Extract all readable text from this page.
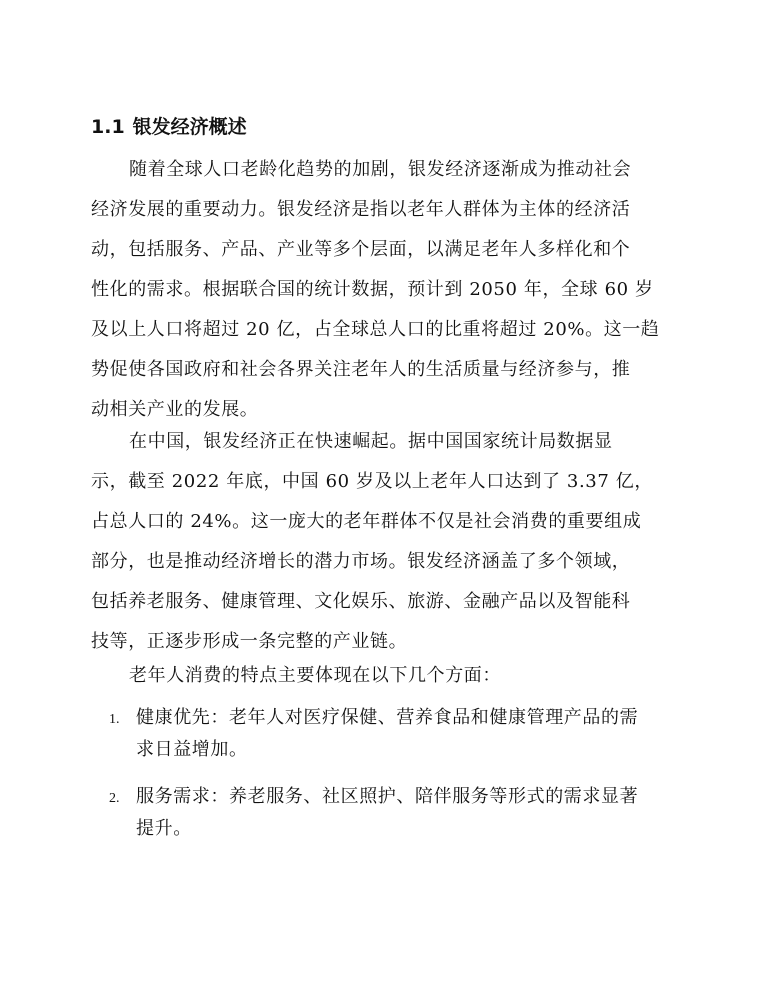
1.1 银发经济概述
随着全球人口老龄化趋势的加剧，银发经济逐渐成为推动社会
经济发展的重要动力。银发经济是指以老年人群体为主体的经济活
动，包括服务、产品、产业等多个层面，以满足老年人多样化和个
性化的需求。根据联合国的统计数据，预计到 2050 年，全球 60 岁
及以上人口将超过 20 亿，占全球总人口的比重将超过 20%。这一趋
势促使各国政府和社会各界关注老年人的生活质量与经济参与，推
动相关产业的发展。
在中国，银发经济正在快速崛起。据中国国家统计局数据显
示，截至 2022 年底，中国 60 岁及以上老年人口达到了 3.37 亿，
占总人口的 24%。这一庞大的老年群体不仅是社会消费的重要组成
部分，也是推动经济增长的潜力市场。银发经济涵盖了多个领域，
包括养老服务、健康管理、文化娱乐、旅游、金融产品以及智能科
技等，正逐步形成一条完整的产业链。
老年人消费的特点主要体现在以下几个方面：
1. 健康优先：老年人对医疗保健、营养食品和健康管理产品的需
求日益增加。
2. 服务需求：养老服务、社区照护、陪伴服务等形式的需求显著
提升。
